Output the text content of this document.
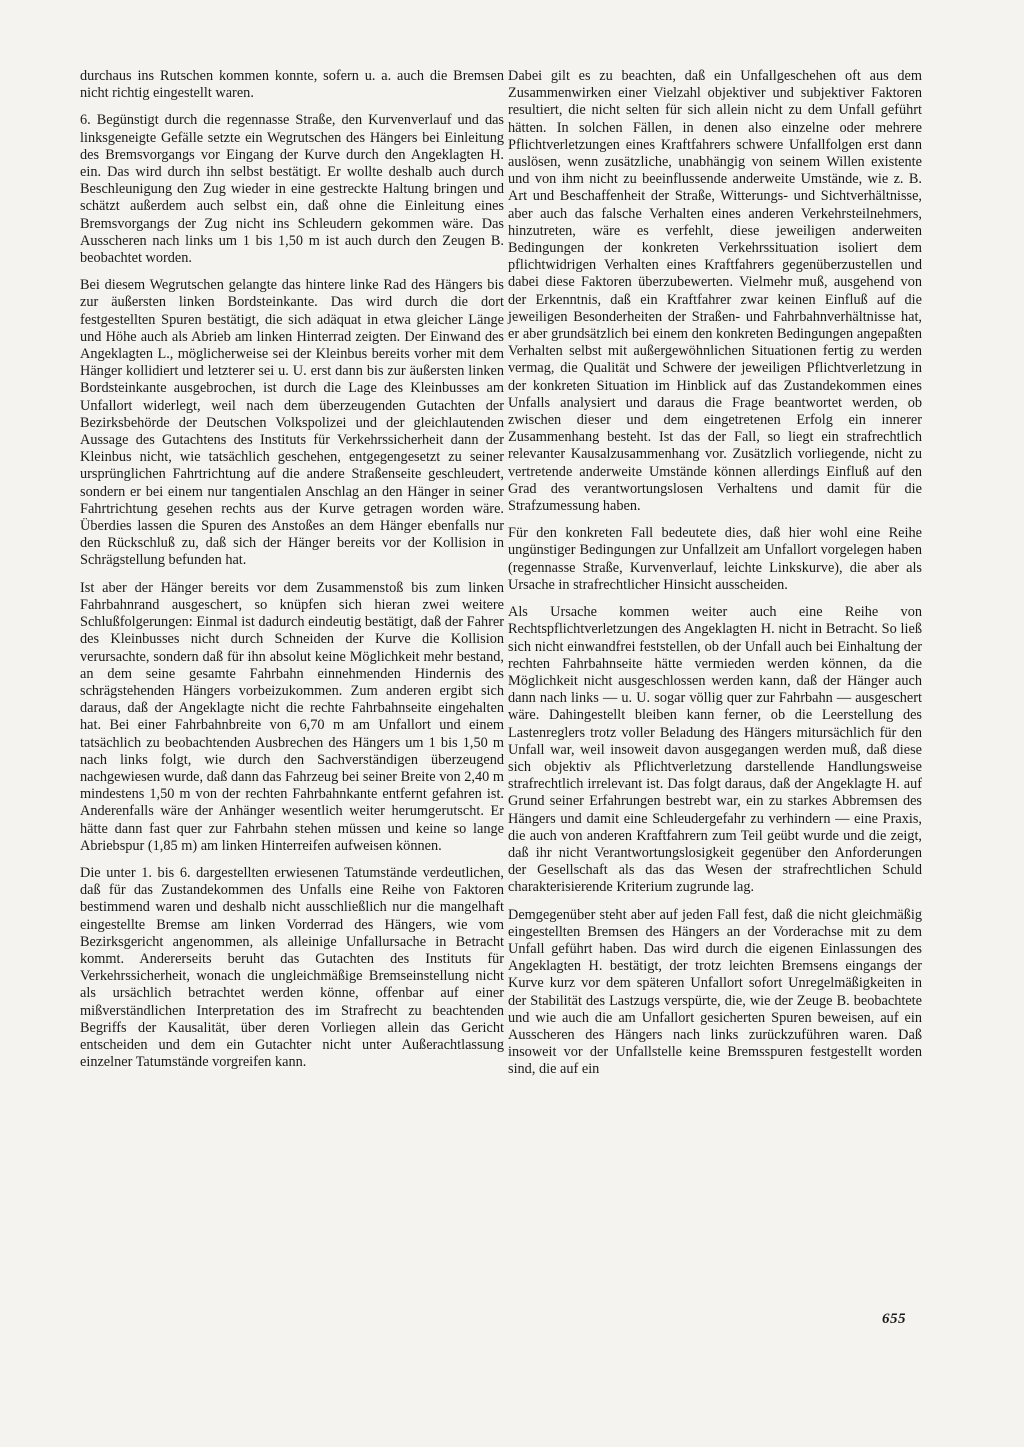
durchaus ins Rutschen kommen konnte, sofern u. a. auch die Bremsen nicht richtig eingestellt waren.

6. Begünstigt durch die regennasse Straße, den Kurvenverlauf und das linksgeneigte Gefälle setzte ein Wegrutschen des Hängers bei Einleitung des Bremsvorgangs vor Eingang der Kurve durch den Angeklagten H. ein. Das wird durch ihn selbst bestätigt. Er wollte deshalb auch durch Beschleunigung den Zug wieder in eine gestreckte Haltung bringen und schätzt außerdem auch selbst ein, daß ohne die Einleitung eines Bremsvorgangs der Zug nicht ins Schleudern gekommen wäre. Das Ausscheren nach links um 1 bis 1,50 m ist auch durch den Zeugen B. beobachtet worden.

Bei diesem Wegrutschen gelangte das hintere linke Rad des Hängers bis zur äußersten linken Bordsteinkante. Das wird durch die dort festgestellten Spuren bestätigt, die sich adäquat in etwa gleicher Länge und Höhe auch als Abrieb am linken Hinterrad zeigten. Der Einwand des Angeklagten L., möglicherweise sei der Kleinbus bereits vorher mit dem Hänger kollidiert und letzterer sei u. U. erst dann bis zur äußersten linken Bordsteinkante ausgebrochen, ist durch die Lage des Kleinbusses am Unfallort widerlegt, weil nach dem überzeugenden Gutachten der Bezirksbehörde der Deutschen Volkspolizei und der gleichlautenden Aussage des Gutachtens des Instituts für Verkehrssicherheit dann der Kleinbus nicht, wie tatsächlich geschehen, entgegengesetzt zu seiner ursprünglichen Fahrtrichtung auf die andere Straßenseite geschleudert, sondern er bei einem nur tangentialen Anschlag an den Hänger in seiner Fahrtrichtung gesehen rechts aus der Kurve getragen worden wäre. Überdies lassen die Spuren des Anstoßes an dem Hänger ebenfalls nur den Rückschluß zu, daß sich der Hänger bereits vor der Kollision in Schrägstellung befunden hat.

Ist aber der Hänger bereits vor dem Zusammenstoß bis zum linken Fahrbahnrand ausgeschert, so knüpfen sich hieran zwei weitere Schlußfolgerungen: Einmal ist dadurch eindeutig bestätigt, daß der Fahrer des Kleinbusses nicht durch Schneiden der Kurve die Kollision verursachte, sondern daß für ihn absolut keine Möglichkeit mehr bestand, an dem seine gesamte Fahrbahn einnehmenden Hindernis des schrägstehenden Hängers vorbeizukommen. Zum anderen ergibt sich daraus, daß der Angeklagte nicht die rechte Fahrbahnseite eingehalten hat. Bei einer Fahrbahnbreite von 6,70 m am Unfallort und einem tatsächlich zu beobachtenden Ausbrechen des Hängers um 1 bis 1,50 m nach links folgt, wie durch den Sachverständigen überzeugend nachgewiesen wurde, daß dann das Fahrzeug bei seiner Breite von 2,40 m mindestens 1,50 m von der rechten Fahrbahnkante entfernt gefahren ist. Anderenfalls wäre der Anhänger wesentlich weiter herumgerutscht. Er hätte dann fast quer zur Fahrbahn stehen müssen und keine so lange Abriebspur (1,85 m) am linken Hinterreifen aufweisen können.

Die unter 1. bis 6. dargestellten erwiesenen Tatumstände verdeutlichen, daß für das Zustandekommen des Unfalls eine Reihe von Faktoren bestimmend waren und deshalb nicht ausschließlich nur die mangelhaft eingestellte Bremse am linken Vorderrad des Hängers, wie vom Bezirksgericht angenommen, als alleinige Unfallursache in Betracht kommt. Andererseits beruht das Gutachten des Instituts für Verkehrssicherheit, wonach die ungleichmäßige Bremseinstellung nicht als ursächlich betrachtet werden könne, offenbar auf einer mißverständlichen Interpretation des im Strafrecht zu beachtenden Begriffs der Kausalität, über deren Vorliegen allein das Gericht entscheiden und dem ein Gutachter nicht unter Außerachtlassung einzelner Tatumstände vorgreifen kann.

Dabei gilt es zu beachten, daß ein Unfallgeschehen oft aus dem Zusammenwirken einer Vielzahl objektiver und subjektiver Faktoren resultiert, die nicht selten für sich allein nicht zu dem Unfall geführt hätten. In solchen Fällen, in denen also einzelne oder mehrere Pflichtverletzungen eines Kraftfahrers schwere Unfallfolgen erst dann auslösen, wenn zusätzliche, unabhängig von seinem Willen existente und von ihm nicht zu beeinflussende anderweite Umstände, wie z. B. Art und Beschaffenheit der Straße, Witterungs- und Sichtverhältnisse, aber auch das falsche Verhalten eines anderen Verkehrsteilnehmers, hinzutreten, wäre es verfehlt, diese jeweiligen anderweiten Bedingungen der konkreten Verkehrssituation isoliert dem pflichtwidrigen Verhalten eines Kraftfahrers gegenüberzustellen und dabei diese Faktoren überzubewerten. Vielmehr muß, ausgehend von der Erkenntnis, daß ein Kraftfahrer zwar keinen Einfluß auf die jeweiligen Besonderheiten der Straßen- und Fahrbahnverhältnisse hat, er aber grundsätzlich bei einem den konkreten Bedingungen angepaßten Verhalten selbst mit außergewöhnlichen Situationen fertig zu werden vermag, die Qualität und Schwere der jeweiligen Pflichtverletzung in der konkreten Situation im Hinblick auf das Zustandekommen eines Unfalls analysiert und daraus die Frage beantwortet werden, ob zwischen dieser und dem eingetretenen Erfolg ein innerer Zusammenhang besteht. Ist das der Fall, so liegt ein strafrechtlich relevanter Kausalzusammenhang vor. Zusätzlich vorliegende, nicht zu vertretende anderweite Umstände können allerdings Einfluß auf den Grad des verantwortungslosen Verhaltens und damit für die Strafzumessung haben.

Für den konkreten Fall bedeutete dies, daß hier wohl eine Reihe ungünstiger Bedingungen zur Unfallzeit am Unfallort vorgelegen haben (regennasse Straße, Kurvenverlauf, leichte Linkskurve), die aber als Ursache in strafrechtlicher Hinsicht ausscheiden.

Als Ursache kommen weiter auch eine Reihe von Rechtspflichtverletzungen des Angeklagten H. nicht in Betracht. So ließ sich nicht einwandfrei feststellen, ob der Unfall auch bei Einhaltung der rechten Fahrbahnseite hätte vermieden werden können, da die Möglichkeit nicht ausgeschlossen werden kann, daß der Hänger auch dann nach links — u. U. sogar völlig quer zur Fahrbahn — ausgeschert wäre. Dahingestellt bleiben kann ferner, ob die Leerstellung des Lastenreglers trotz voller Beladung des Hängers mitursächlich für den Unfall war, weil insoweit davon ausgegangen werden muß, daß diese sich objektiv als Pflichtverletzung darstellende Handlungsweise strafrechtlich irrelevant ist. Das folgt daraus, daß der Angeklagte H. auf Grund seiner Erfahrungen bestrebt war, ein zu starkes Abbremsen des Hängers und damit eine Schleudergefahr zu verhindern — eine Praxis, die auch von anderen Kraftfahrern zum Teil geübt wurde und die zeigt, daß ihr nicht Verantwortungslosigkeit gegenüber den Anforderungen der Gesellschaft als das das Wesen der strafrechtlichen Schuld charakterisierende Kriterium zugrunde lag.

Demgegenüber steht aber auf jeden Fall fest, daß die nicht gleichmäßig eingestellten Bremsen des Hängers an der Vorderachse mit zu dem Unfall geführt haben. Das wird durch die eigenen Einlassungen des Angeklagten H. bestätigt, der trotz leichten Bremsens eingangs der Kurve kurz vor dem späteren Unfallort sofort Unregelmäßigkeiten in der Stabilität des Lastzugs verspürte, die, wie der Zeuge B. beobachtete und wie auch die am Unfallort gesicherten Spuren beweisen, auf ein Ausscheren des Hängers nach links zurückzuführen waren. Daß insoweit vor der Unfallstelle keine Bremsspuren festgestellt worden sind, die auf ein

655
